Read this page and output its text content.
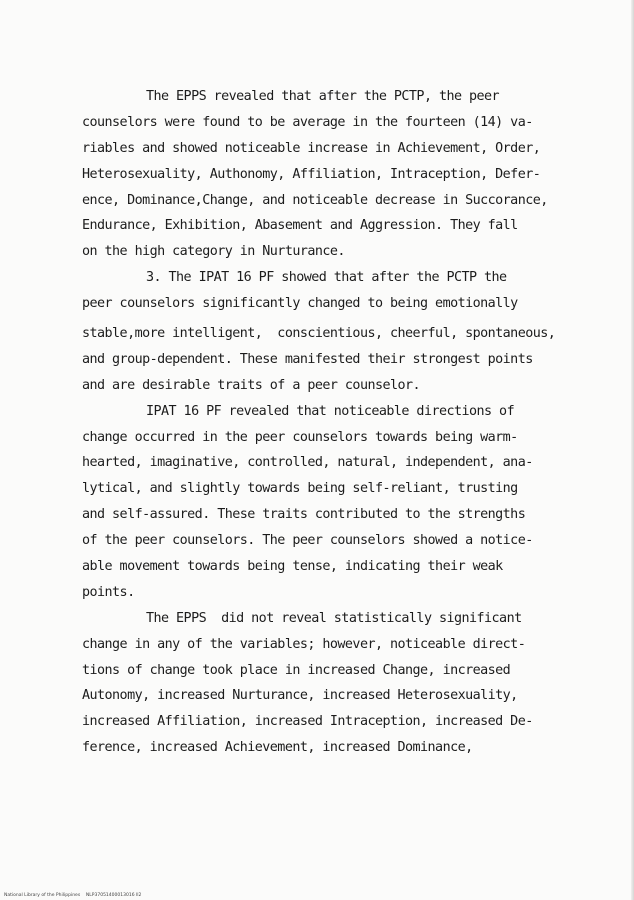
The EPPS revealed that after the PCTP, the peer
counselors were found to be average in the fourteen (14) va-
riables and showed noticeable increase in Achievement, Order,
Heterosexuality, Authonomy, Affiliation, Intraception, Defer-
ence, Dominance,Change, and noticeable decrease in Succorance,
Endurance, Exhibition, Abasement and Aggression. They fall
on the high category in Nurturance.
3. The IPAT 16 PF showed that after the PCTP the
peer counselors significantly changed to being emotionally
stable,more intelligent,  conscientious, cheerful, spontaneous,
and group-dependent. These manifested their strongest points
and are desirable traits of a peer counselor.
IPAT 16 PF revealed that noticeable directions of
change occurred in the peer counselors towards being warm-
hearted, imaginative, controlled, natural, independent, ana-
lytical, and slightly towards being self-reliant, trusting
and self-assured. These traits contributed to the strengths
of the peer counselors. The peer counselors showed a notice-
able movement towards being tense, indicating their weak
points.
The EPPS  did not reveal statistically significant
change in any of the variables; however, noticeable direct-
tions of change took place in increased Change, increased
Autonomy, increased Nurturance, increased Heterosexuality,
increased Affiliation, increased Intraception, increased De-
ference, increased Achievement, increased Dominance,
National Library of the Philippines    NLP37051400013016 ll2
